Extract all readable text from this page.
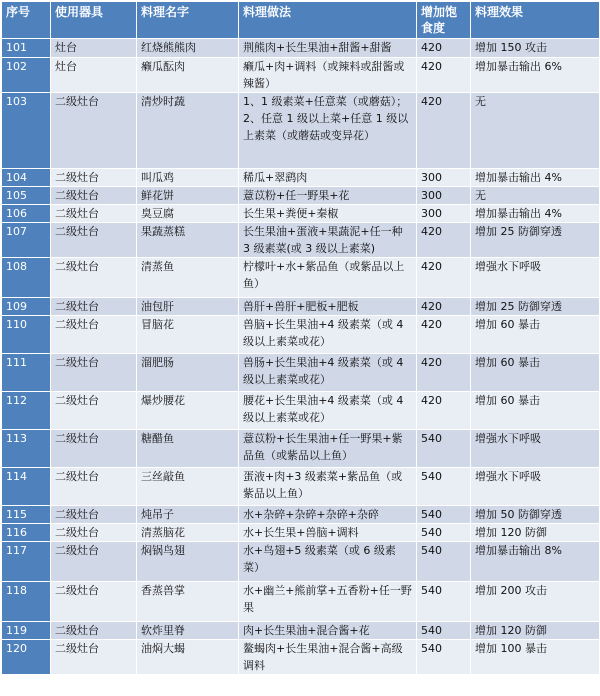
序号	使用器具	料理名字	料理做法	增加饱食度	料理效果
101	灶台	红烧熊熊肉	荆熊肉+长生果油+甜酱+甜酱	420	增加 150 攻击
102	灶台	癞瓜酝肉	癞瓜+肉+调料（或辣料或甜酱或辣酱）	420	增加暴击输出 6%
103	二级灶台	清炒时蔬	1、1 级素菜+任意菜（或蘑菇）；2、任意 1 级以上菜+任意 1 级以上素菜（或蘑菇或变异花）	420	无
104	二级灶台	叫瓜鸡	稀瓜+翠鹞肉	300	增加暴击输出 4%
105	二级灶台	鲜花饼	薏苡粉+任一野果+花	300	无
106	二级灶台	臭豆腐	长生果+粪便+秦椒	300	增加暴击输出 4%
107	二级灶台	果蔬蒸糕	长生果油+蛋液+果蔬泥+任一种 3 级素菜(或 3 级以上素菜)	420	增加 25 防御穿透
108	二级灶台	清蒸鱼	柠檬叶+水+紫品鱼（或紫品以上鱼）	420	增强水下呼吸
109	二级灶台	油包肝	兽肝+兽肝+肥板+肥板	420	增加 25 防御穿透
110	二级灶台	冒脑花	兽脑+长生果油+4 级素菜（或 4 级以上素菜或花）	420	增加 60 暴击
111	二级灶台	溜肥肠	兽肠+长生果油+4 级素菜（或 4 级以上素菜或花）	420	增加 60 暴击
112	二级灶台	爆炒腰花	腰花+长生果油+4 级素菜（或 4 级以上素菜或花）	420	增加 60 暴击
113	二级灶台	糖醋鱼	薏苡粉+长生果油+任一野果+紫品鱼（或紫品以上鱼）	540	增强水下呼吸
114	二级灶台	三丝敲鱼	蛋液+肉+3 级素菜+紫品鱼（或紫品以上鱼）	540	增强水下呼吸
115	二级灶台	炖吊子	水+杂碎+杂碎+杂碎+杂碎	540	增加 50 防御穿透
116	二级灶台	清蒸脑花	水+长生果+兽脑+调料	540	增加 120 防御
117	二级灶台	焖锅鸟翅	水+鸟翅+5 级素菜（或 6 级素菜）	540	增加暴击输出 8%
118	二级灶台	香蒸兽掌	水+幽兰+熊前掌+五香粉+任一野果	540	增加 200 攻击
119	二级灶台	软炸里脊	肉+长生果油+混合酱+花	540	增加 120 防御
120	二级灶台	油焖大蝎	鳌蝎肉+长生果油+混合酱+高级调料	540	增加 100 暴击
